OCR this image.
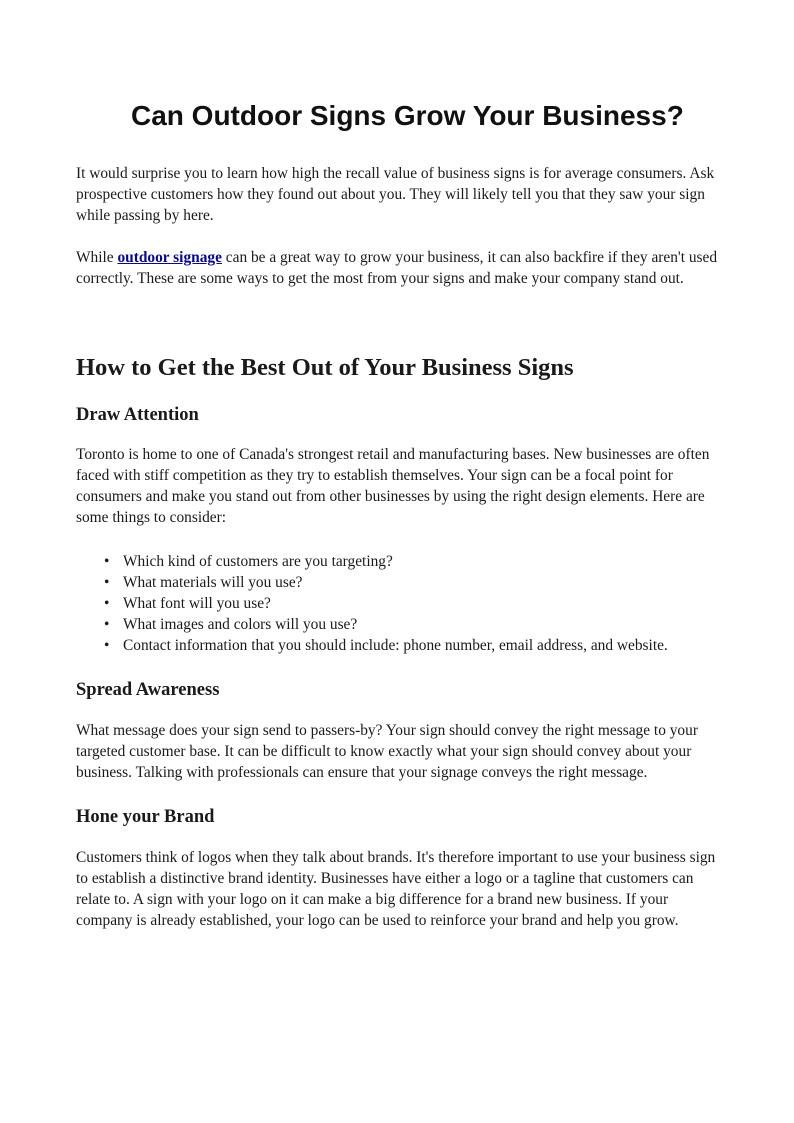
Can Outdoor Signs Grow Your Business?

It would surprise you to learn how high the recall value of business signs is for average consumers. Ask prospective customers how they found out about you. They will likely tell you that they saw your sign while passing by here.

While outdoor signage can be a great way to grow your business, it can also backfire if they aren't used correctly. These are some ways to get the most from your signs and make your company stand out.

How to Get the Best Out of Your Business Signs
Draw Attention

Toronto is home to one of Canada's strongest retail and manufacturing bases. New businesses are often faced with stiff competition as they try to establish themselves. Your sign can be a focal point for consumers and make you stand out from other businesses by using the right design elements. Here are some things to consider:

• Which kind of customers are you targeting?
• What materials will you use?
• What font will you use?
• What images and colors will you use?
• Contact information that you should include: phone number, email address, and website.
Spread Awareness

What message does your sign send to passers-by? Your sign should convey the right message to your targeted customer base. It can be difficult to know exactly what your sign should convey about your business. Talking with professionals can ensure that your signage conveys the right message.

Hone your Brand

Customers think of logos when they talk about brands. It's therefore important to use your business sign to establish a distinctive brand identity. Businesses have either a logo or a tagline that customers can relate to. A sign with your logo on it can make a big difference for a brand new business. If your company is already established, your logo can be used to reinforce your brand and help you grow.
